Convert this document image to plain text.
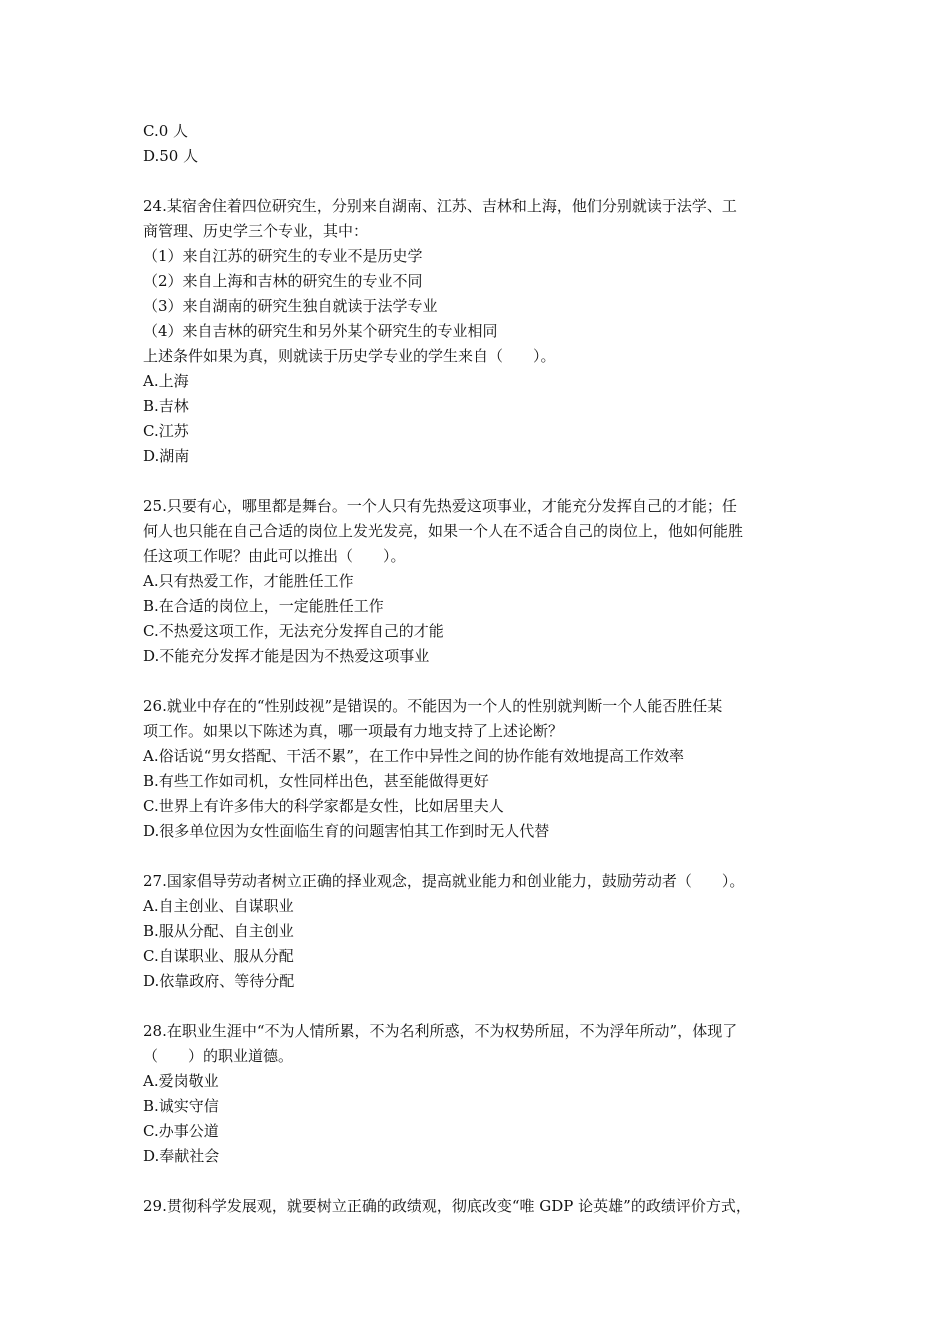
C.0 人
D.50 人
24.某宿舍住着四位研究生，分别来自湖南、江苏、吉林和上海，他们分别就读于法学、工
商管理、历史学三个专业，其中：
（1）来自江苏的研究生的专业不是历史学
（2）来自上海和吉林的研究生的专业不同
（3）来自湖南的研究生独自就读于法学专业
（4）来自吉林的研究生和另外某个研究生的专业相同
上述条件如果为真，则就读于历史学专业的学生来自（　　）。
A.上海
B.吉林
C.江苏
D.湖南
25.只要有心，哪里都是舞台。一个人只有先热爱这项事业，才能充分发挥自己的才能；任
何人也只能在自己合适的岗位上发光发亮，如果一个人在不适合自己的岗位上，他如何能胜
任这项工作呢？由此可以推出（　　）。
A.只有热爱工作，才能胜任工作
B.在合适的岗位上，一定能胜任工作
C.不热爱这项工作，无法充分发挥自己的才能
D.不能充分发挥才能是因为不热爱这项事业
26.就业中存在的“性别歧视”是错误的。不能因为一个人的性别就判断一个人能否胜任某
项工作。如果以下陈述为真，哪一项最有力地支持了上述论断？
A.俗话说“男女搭配、干活不累”，在工作中异性之间的协作能有效地提高工作效率
B.有些工作如司机，女性同样出色，甚至能做得更好
C.世界上有许多伟大的科学家都是女性，比如居里夫人
D.很多单位因为女性面临生育的问题害怕其工作到时无人代替
27.国家倡导劳动者树立正确的择业观念，提高就业能力和创业能力，鼓励劳动者（　　）。
A.自主创业、自谋职业
B.服从分配、自主创业
C.自谋职业、服从分配
D.依靠政府、等待分配
28.在职业生涯中“不为人情所累，不为名利所惑，不为权势所屈，不为浮年所动”，体现了
（　　）的职业道德。
A.爱岗敬业
B.诚实守信
C.办事公道
D.奉献社会
29.贯彻科学发展观，就要树立正确的政绩观，彻底改变“唯 GDP 论英雄”的政绩评价方式，
